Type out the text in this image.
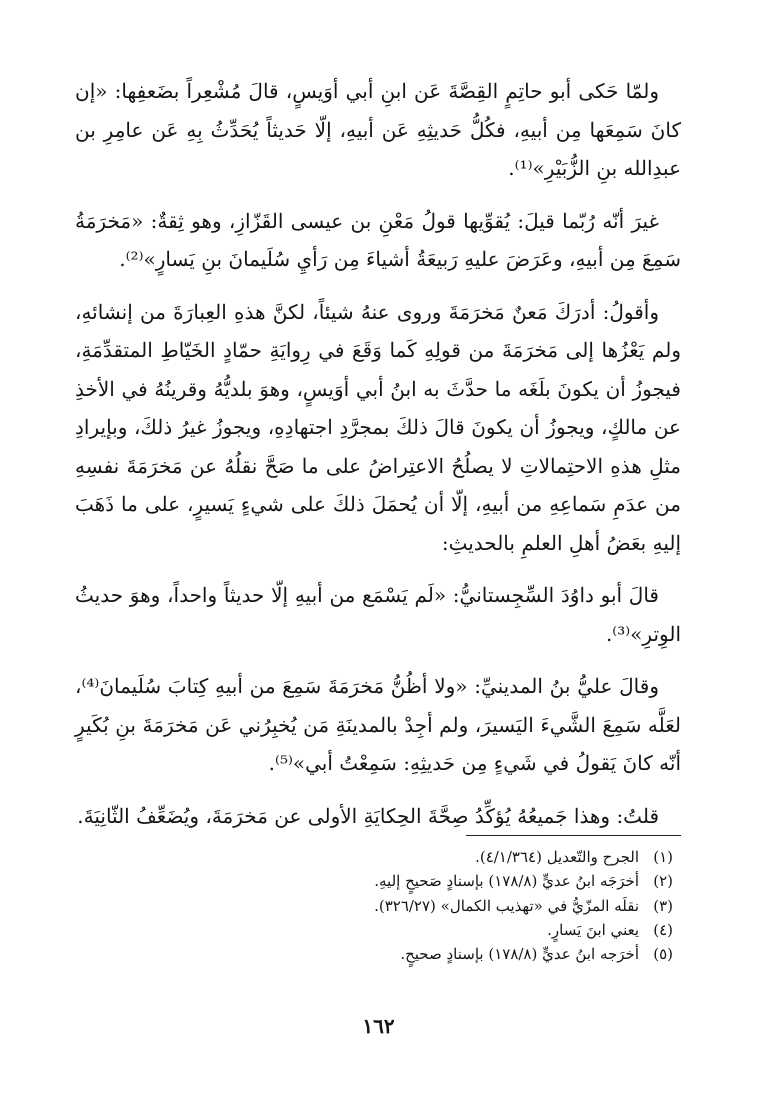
ولمّا حَكى أبو حاتِمٍ القِصَّةَ عَن ابنِ أبي أوَيسٍ، قالَ مُشْعِراً بضَعفِها: «إن كانَ سَمِعَها مِن أبيهِ، فكُلُّ حَديثِهِ عَن أبيهِ، إلّا حَديثاً يُحَدِّثُ بِهِ عَن عامِرِ بن عبدِالله بنِ الزُّبَيْرِ»⁽¹⁾.

غيرَ أنّه رُبّما قيلَ: يُقوِّيها قولُ مَعْنِ بن عيسى القَزّازِ، وهو ثِقةٌ: «مَخرَمَةُ سَمِعَ مِن أبيهِ، وعَرَضَ عليهِ رَبيعَةُ أشياءَ مِن رَأيِ سُلَيمانَ بنِ يَسارٍ»⁽²⁾.

وأقولُ: أدرَكَ مَعنٌ مَخرَمَةَ وروى عنهُ شيئاً، لكنَّ هذهِ العِبارَةَ من إنشائهِ، ولم يَعْزُها إلى مَخرَمَةَ من قولِهِ كَما وَقَعَ في رِوايَةِ حمّادٍ الخَيّاطِ المتقدِّمَةِ، فيجوزُ أن يكونَ بلَغَه ما حدَّثَ به ابنُ أبي أوَيسٍ، وهوَ بلديُّهُ وقرينُهُ في الأخذِ عن مالكٍ، ويجوزُ أن يكونَ قالَ ذلكَ بمجرَّدِ اجتهادِهِ، ويجوزُ غيرُ ذلكَ، وبإيرادِ مثلِ هذهِ الاحتِمالاتِ لا يصلُحُ الاعتِراضُ على ما صَحَّ نقلُهُ عن مَخرَمَةَ نفسِهِ من عدَمِ سَماعِهِ من أبيهِ، إلّا أن يُحمَلَ ذلكَ على شيءٍ يَسيرٍ، على ما ذَهَبَ إليهِ بعَضُ أهلِ العلمِ بالحديثِ:

قالَ أبو داوُدَ السِّجِستانيُّ: «لَم يَسْمَع من أبيهِ إلّا حديثاً واحداً، وهوَ حديثُ الوِترِ»⁽³⁾.

وقالَ عليُّ بنُ المدينيِّ: «ولا أظُنُّ مَخرَمَةَ سَمِعَ من أبيهِ كِتابَ سُلَيمانَ⁽⁴⁾، لعَلَّه سَمِعَ الشَّيءَ اليَسيرَ، ولم أجِدْ بالمدينَةِ مَن يُخبِرُني عَن مَخرَمَةَ بنِ بُكَيرٍ أنّه كانَ يَقولُ في شَيءٍ مِن حَديثِهِ: سَمِعْتُ أبي»⁽⁵⁾.

قلتُ: وهذا جَميعُهُ يُؤكِّدُ صِحَّةَ الحِكايَةِ الأولى عن مَخرَمَةَ، ويُضَعِّفُ الثّانِيَةَ.

(١)
الجرح والتّعديل (٤/١/٣٦٤).
(٢)
أخرَجَه ابنُ عديٍّ (١٧٨/٨) بإسنادٍ صَحيحٍ إليهِ.
(٣)
نقلَه المزّيُّ في «تهذيب الكمال» (٣٢٦/٢٧).
(٤)
يعني ابنَ يَسارٍ.
(٥)
أخرَجه ابنُ عديٍّ (١٧٨/٨) بإسنادٍ صحيحٍ.
١٦٢
